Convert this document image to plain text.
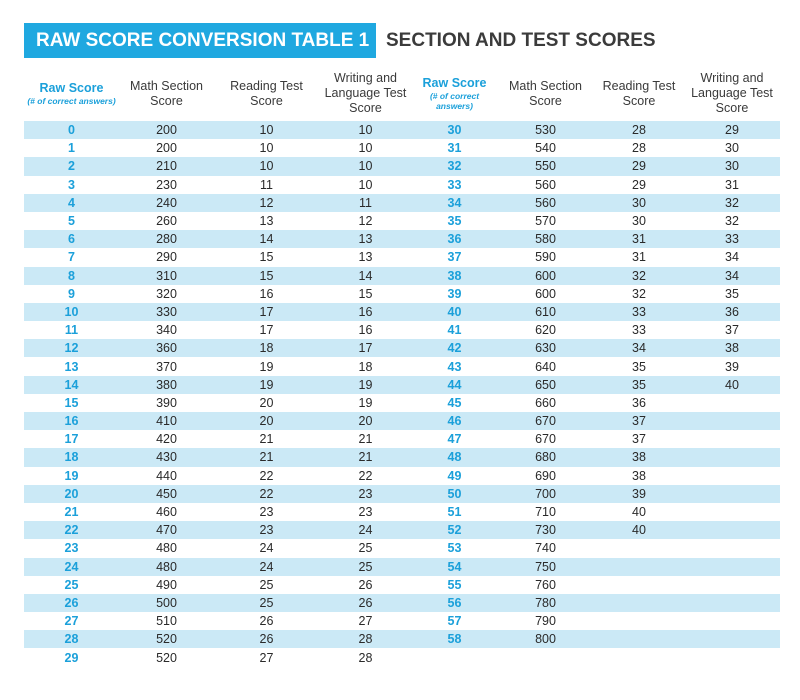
RAW SCORE CONVERSION TABLE 1 SECTION AND TEST SCORES
Raw Score
(# of correct answers)	Math Section Score	Reading Test Score	Writing and Language Test Score
0	200	10	10
1	200	10	10
2	210	10	10
3	230	11	10
4	240	12	11
5	260	13	12
6	280	14	13
7	290	15	13
8	310	15	14
9	320	16	15
10	330	17	16
11	340	17	16
12	360	18	17
13	370	19	18
14	380	19	19
15	390	20	19
16	410	20	20
17	420	21	21
18	430	21	21
19	440	22	22
20	450	22	23
21	460	23	23
22	470	23	24
23	480	24	25
24	480	24	25
25	490	25	26
26	500	25	26
27	510	26	27
28	520	26	28
29	520	27	28
Raw Score
(# of correct answers)	Math Section Score	Reading Test Score	Writing and Language Test Score
30	530	28	29
31	540	28	30
32	550	29	30
33	560	29	31
34	560	30	32
35	570	30	32
36	580	31	33
37	590	31	34
38	600	32	34
39	600	32	35
40	610	33	36
41	620	33	37
42	630	34	38
43	640	35	39
44	650	35	40
45	660	36	
46	670	37	
47	670	37	
48	680	38	
49	690	38	
50	700	39	
51	710	40	
52	730	40	
53	740		
54	750		
55	760		
56	780		
57	790		
58	800		
